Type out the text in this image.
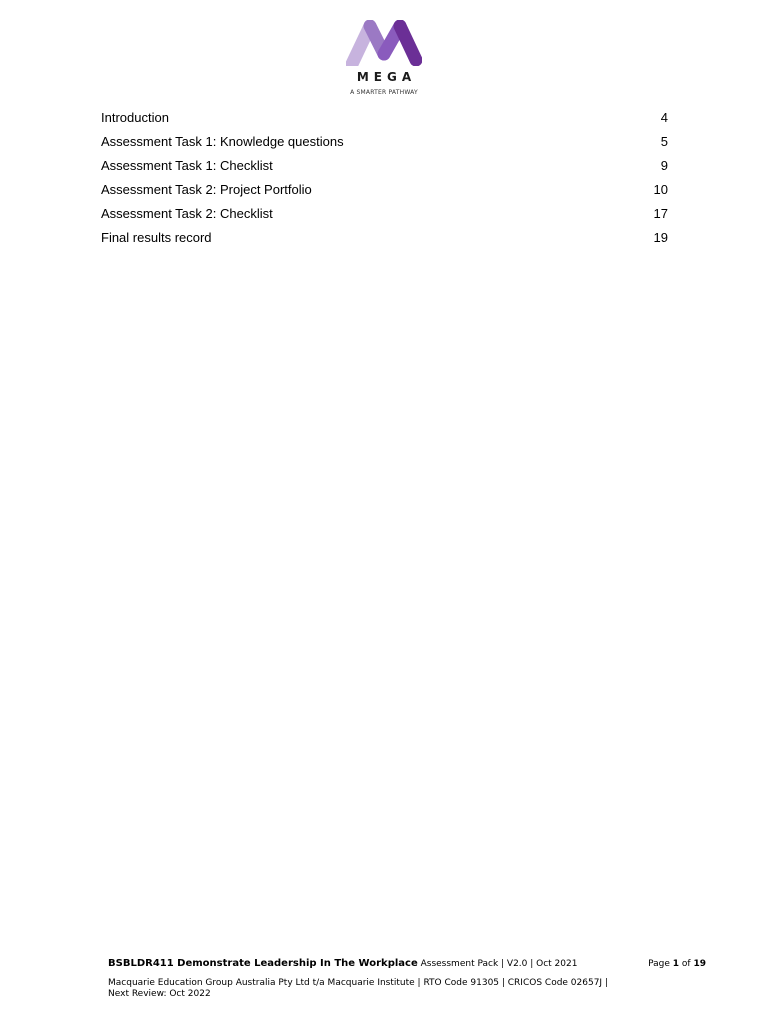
MEGA
A SMARTER PATHWAY
Introduction	4
Assessment Task 1: Knowledge questions	5
Assessment Task 1: Checklist	9
Assessment Task 2: Project Portfolio	10
Assessment Task 2: Checklist	17
Final results record	19
BSBLDR411 Demonstrate Leadership In The Workplace Assessment Pack | V2.0 | Oct 2021	Page 1 of 19
Macquarie Education Group Australia Pty Ltd t/a Macquarie Institute | RTO Code 91305 | CRICOS Code 02657J |
Next Review: Oct 2022
